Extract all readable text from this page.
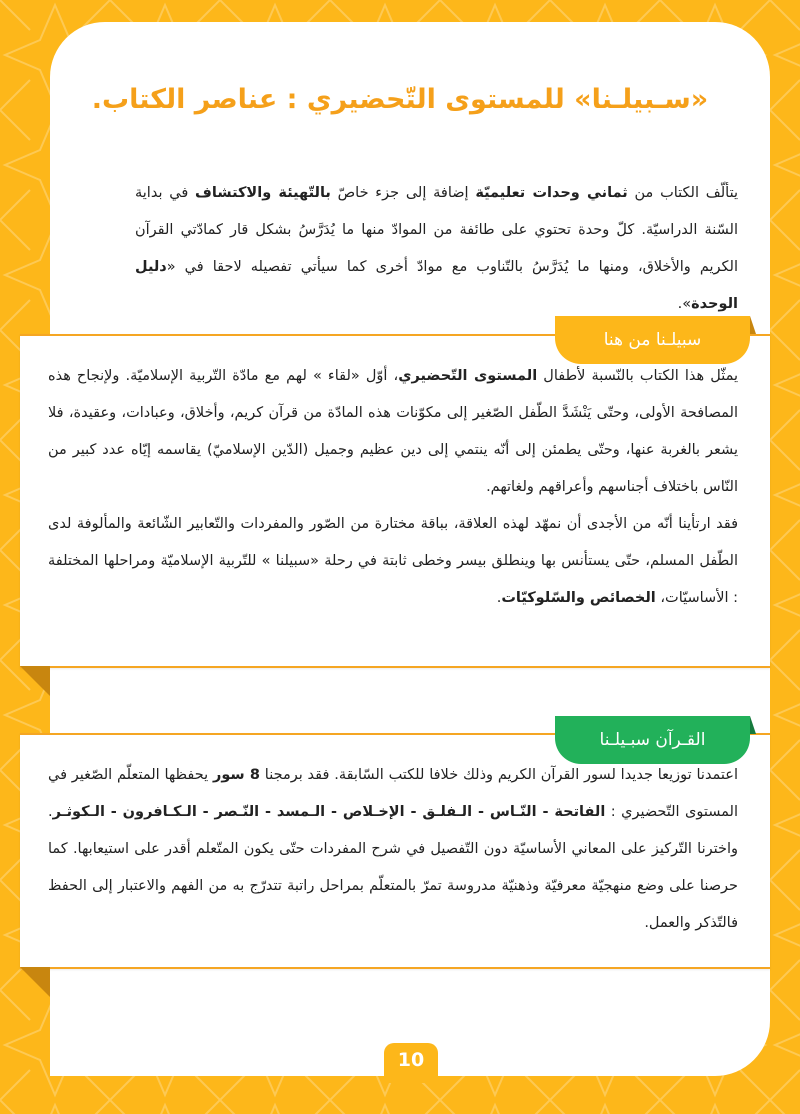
«سـبيلـنا» للمستوى التّحضيري : عناصر الكتاب.
يتألّف الكتاب من ثماني وحدات تعليميّة إضافة إلى جزء خاصّ بالتّهيئة والاكتشاف في بداية السّنة الدراسيّة. كلّ وحدة تحتوي على طائفة من الموادّ منها ما يُدَرَّسُ بشكل قار كمادّتي القرآن الكريم والأخلاق، ومنها ما يُدَرَّسُ بالتّناوب مع موادّ أخرى كما سيأتي تفصيله لاحقا في «دليل الوحدة».
يمثّل هذا الكتاب بالنّسبة لأطفال المستوى التّحضيري، أوّل «لقاء » لهم مع مادّة التّربية الإسلاميّة. ولإنجاح هذه المصافحة الأولى، وحتّى يَنْشَدَّ الطّفل الصّغير إلى مكوّنات هذه المادّة من قرآن كريم، وأخلاق، وعبادات، وعقيدة، فلا يشعر بالغربة عنها، وحتّى يطمئن إلى أنّه ينتمي إلى دين عظيم وجميل (الدّين الإسلاميّ) يقاسمه إيّاه عدد كبير من النّاس باختلاف أجناسهم وأعراقهم ولغاتهم.
فقد ارتأينا أنّه من الأجدى أن نمهّد لهذه العلاقة، بباقة مختارة من الصّور والمفردات والتّعابير الشّائعة والمألوفة لدى الطّفل المسلم، حتّى يستأنس بها وينطلق بيسر وخطى ثابتة في رحلة «سبيلنا » للتّربية الإسلاميّة ومراحلها المختلفة : الأساسيّات، الخصائص والسّلوكيّات.
سبيلـنا من هنا
اعتمدنا توزيعا جديدا لسور القرآن الكريم وذلك خلافا للكتب السّابقة. فقد برمجنا 8 سور يحفظها المتعلّم الصّغير في المستوى التّحضيري : الفاتحة - النّـاس - الـفلـق - الإخـلاص - الـمسد - النّـصر - الـكـافرون - الـكوثـر. واخترنا التّركيز على المعاني الأساسيّة دون التّفصيل في شرح المفردات حتّى يكون المتّعلم أقدر على استيعابها. كما حرصنا على وضع منهجيّة معرفيّة وذهنيّة مدروسة تمرّ بالمتعلّم بمراحل راتبة تتدرّج به من الفهم والاعتبار إلى الحفظ فالتّذكر والعمل.
القـرآن سبـيلـنا
10
